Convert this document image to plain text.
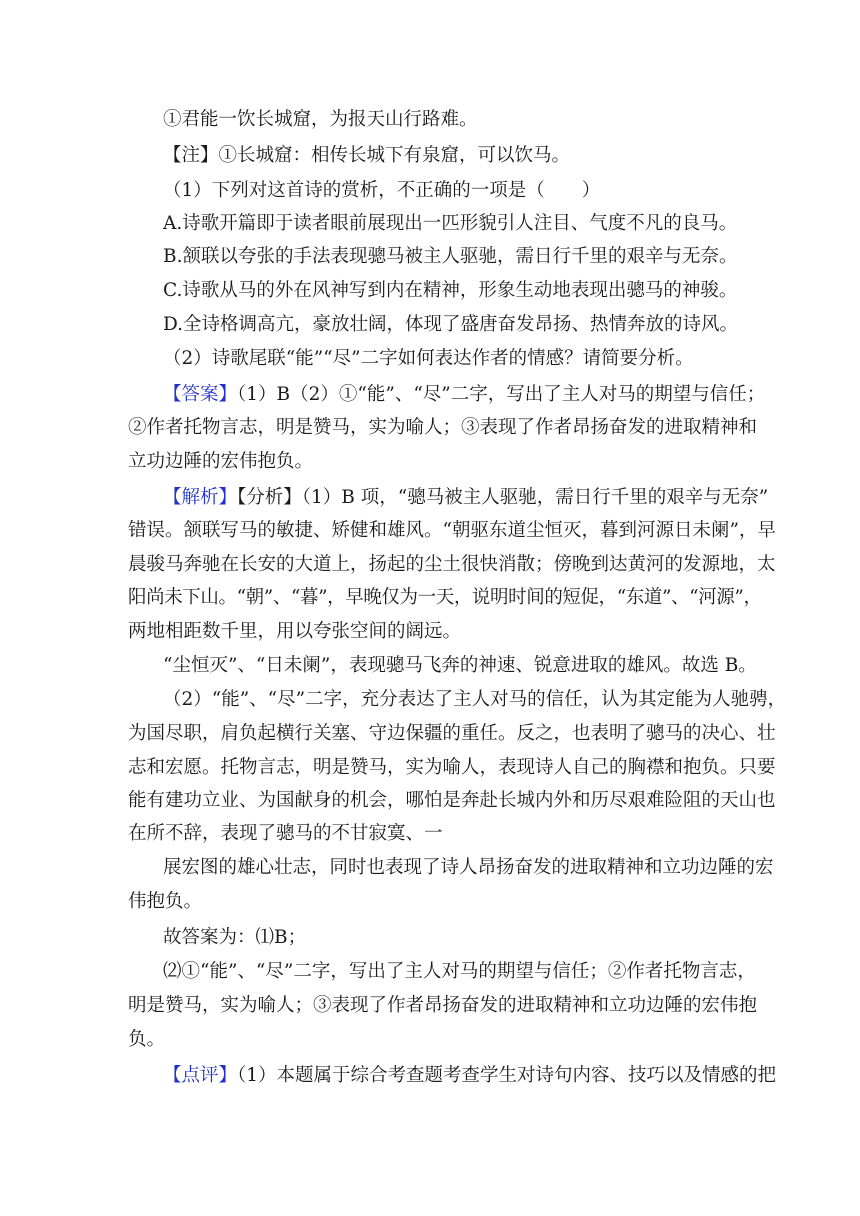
①君能一饮长城窟，为报天山行路难。
【注】①长城窟：相传长城下有泉窟，可以饮马。
（1）下列对这首诗的赏析，不正确的一项是（　　）
A.诗歌开篇即于读者眼前展现出一匹形貌引人注目、气度不凡的良马。
B.颔联以夸张的手法表现骢马被主人驱驰，需日行千里的艰辛与无奈。
C.诗歌从马的外在风神写到内在精神，形象生动地表现出骢马的神骏。
D.全诗格调高亢，豪放壮阔，体现了盛唐奋发昂扬、热情奔放的诗风。
（2）诗歌尾联“能”“尽”二字如何表达作者的情感？请简要分析。
【答案】（1）B（2）①“能”、“尽”二字，写出了主人对马的期望与信任；
②作者托物言志，明是赞马，实为喻人；③表现了作者昂扬奋发的进取精神和
立功边陲的宏伟抱负。
【解析】【分析】（1）B 项，“骢马被主人驱驰，需日行千里的艰辛与无奈”
错误。颔联写马的敏捷、矫健和雄风。“朝驱东道尘恒灭，暮到河源日未阑”，早
晨骏马奔驰在长安的大道上，扬起的尘土很快消散；傍晚到达黄河的发源地，太
阳尚未下山。“朝”、“暮”，早晚仅为一天，说明时间的短促，“东道”、“河源”，
两地相距数千里，用以夸张空间的阔远。
“尘恒灭”、“日未阑”，表现骢马飞奔的神速、锐意进取的雄风。故选 B。
（2）“能”、“尽”二字，充分表达了主人对马的信任，认为其定能为人驰骋，
为国尽职，肩负起横行关塞、守边保疆的重任。反之，也表明了骢马的决心、壮
志和宏愿。托物言志，明是赞马，实为喻人，表现诗人自己的胸襟和抱负。只要
能有建功立业、为国献身的机会，哪怕是奔赴长城内外和历尽艰难险阻的天山也
在所不辞，表现了骢马的不甘寂寞、一
展宏图的雄心壮志，同时也表现了诗人昂扬奋发的进取精神和立功边陲的宏
伟抱负。
故答案为：⑴B；
⑵①“能”、“尽”二字，写出了主人对马的期望与信任；②作者托物言志，
明是赞马，实为喻人；③表现了作者昂扬奋发的进取精神和立功边陲的宏伟抱
负。
【点评】（1）本题属于综合考查题考查学生对诗句内容、技巧以及情感的把
